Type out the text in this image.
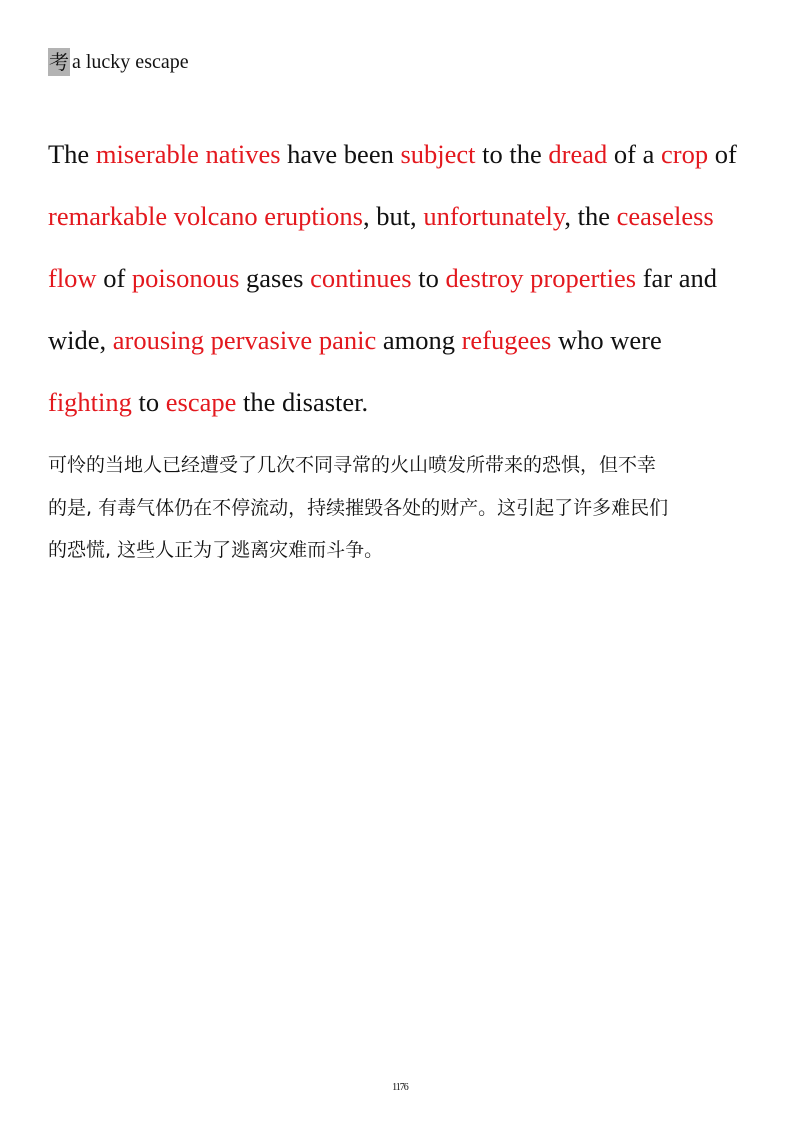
考 a lucky escape
The miserable natives have been subject to the dread of a crop of
remarkable volcano eruptions, but, unfortunately, the ceaseless
flow of poisonous gases continues to destroy properties far and
wide, arousing pervasive panic among refugees who were
fighting to escape the disaster.
可怜的当地人已经遭受了几次不同寻常的火山喷发所带来的恐惧，但不幸
的是, 有毒气体仍在不停流动，持续摧毁各处的财产。这引起了许多难民们
的恐慌, 这些人正为了逃离灾难而斗争。
1176
